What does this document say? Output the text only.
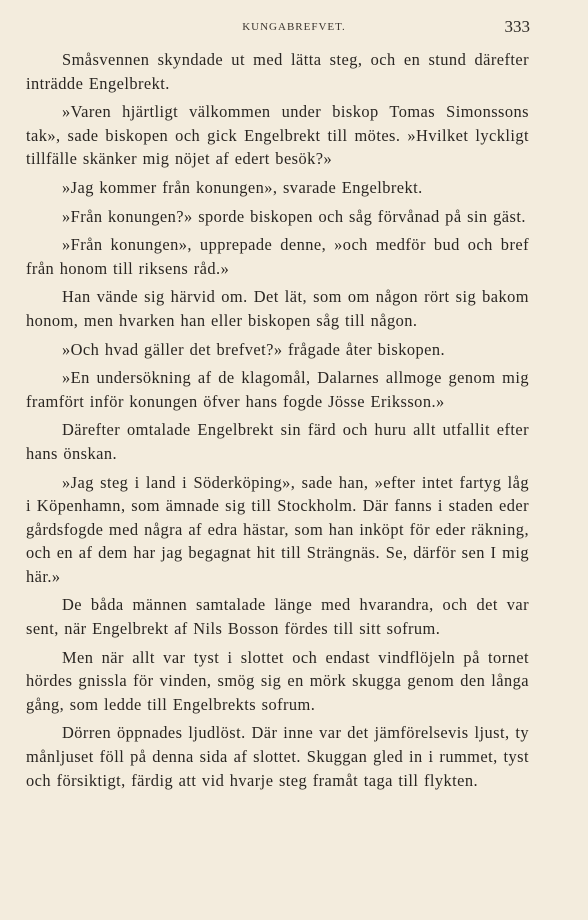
KUNGABREFVET.	333

Småsvennen skyndade ut med lätta steg, och en stund därefter inträdde Engelbrekt.

»Varen hjärtligt välkommen under biskop Tomas Simonssons tak», sade biskopen och gick Engelbrekt till mötes. »Hvilket lyckligt tillfälle skänker mig nöjet af edert besök?»

»Jag kommer från konungen», svarade Engelbrekt.

»Från konungen?» sporde biskopen och såg förvånad på sin gäst.

»Från konungen», upprepade denne, »och medför bud och bref från honom till riksens råd.»

Han vände sig härvid om. Det lät, som om någon rört sig bakom honom, men hvarken han eller biskopen såg till någon.

»Och hvad gäller det brefvet?» frågade åter biskopen.

»En undersökning af de klagomål, Dalarnes allmoge genom mig framfört inför konungen öfver hans fogde Jösse Eriksson.»

Därefter omtalade Engelbrekt sin färd och huru allt utfallit efter hans önskan.

»Jag steg i land i Söderköping», sade han, »efter intet fartyg låg i Köpenhamn, som ämnade sig till Stockholm. Där fanns i staden eder gårdsfogde med några af edra hästar, som han inköpt för eder räkning, och en af dem har jag begagnat hit till Strängnäs. Se, därför sen I mig här.»

De båda männen samtalade länge med hvarandra, och det var sent, när Engelbrekt af Nils Bosson fördes till sitt sofrum.

Men när allt var tyst i slottet och endast vindflöjeln på tornet hördes gnissla för vinden, smög sig en mörk skugga genom den långa gång, som ledde till Engelbrekts sofrum.

Dörren öppnades ljudlöst. Där inne var det jämförelsevis ljust, ty månljuset föll på denna sida af slottet. Skuggan gled in i rummet, tyst och försiktigt, färdig att vid hvarje steg framåt taga till flykten.
